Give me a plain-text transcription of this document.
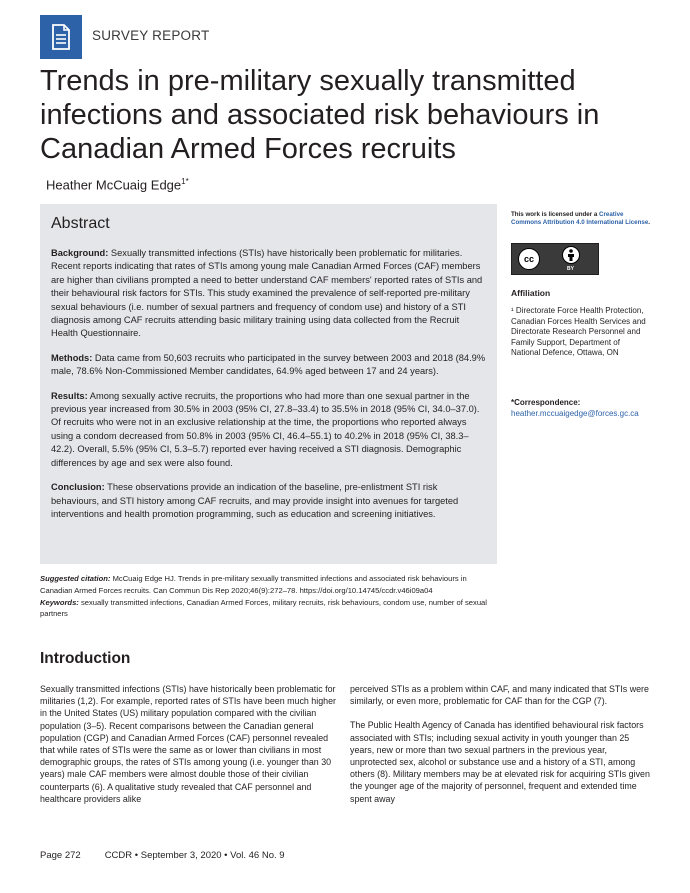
SURVEY REPORT
Trends in pre-military sexually transmitted infections and associated risk behaviours in Canadian Armed Forces recruits
Heather McCuaig Edge$^{1*}$
Abstract

Background: Sexually transmitted infections (STIs) have historically been problematic for militaries. Recent reports indicating that rates of STIs among young male Canadian Armed Forces (CAF) members are higher than civilians prompted a need to better understand CAF members' reported rates of STIs and their behavioural risk factors for STIs. This study examined the prevalence of self-reported pre-military sexual behaviours (i.e. number of sexual partners and frequency of condom use) and history of a STI diagnosis among CAF recruits attending basic military training using data collected from the Recruit Health Questionnaire.

Methods: Data came from 50,603 recruits who participated in the survey between 2003 and 2018 (84.9% male, 78.6% Non-Commissioned Member candidates, 64.9% aged between 17 and 24 years).

Results: Among sexually active recruits, the proportions who had more than one sexual partner in the previous year increased from 30.5% in 2003 (95% CI, 27.8–33.4) to 35.5% in 2018 (95% CI, 34.0–37.0). Of recruits who were not in an exclusive relationship at the time, the proportions who reported always using a condom decreased from 50.8% in 2003 (95% CI, 46.4–55.1) to 40.2% in 2018 (95% CI, 38.3–42.2). Overall, 5.5% (95% CI, 5.3–5.7) reported ever having received a STI diagnosis. Demographic differences by age and sex were also found.

Conclusion: These observations provide an indication of the baseline, pre-enlistment STI risk behaviours, and STI history among CAF recruits, and may provide insight into avenues for targeted interventions and health promotion programming, such as education and screening initiatives.

This work is licensed under a Creative Commons Attribution 4.0 International License.
cc
BY
Affiliation
¹ Directorate Force Health Protection, Canadian Forces Health Services and Directorate Research Personnel and Family Support, Department of National Defence, Ottawa, ON
*Correspondence: heather.mccuaigedge@forces.gc.ca
Suggested citation: McCuaig Edge HJ. Trends in pre-military sexually transmitted infections and associated risk behaviours in Canadian Armed Forces recruits. Can Commun Dis Rep 2020;46(9):272–78. https://doi.org/10.14745/ccdr.v46i09a04
Keywords: sexually transmitted infections, Canadian Armed Forces, military recruits, risk behaviours, condom use, number of sexual partners
Introduction

Sexually transmitted infections (STIs) have historically been problematic for militaries (1,2). For example, reported rates of STIs have been much higher in the United States (US) military population compared with the civilian population (3–5). Recent comparisons between the Canadian general population (CGP) and Canadian Armed Forces (CAF) personnel revealed that while rates of STIs were the same as or lower than civilians in most demographic groups, the rates of STIs among young (i.e. younger than 30 years) male CAF members were almost double those of their civilian counterparts (6). A qualitative study revealed that CAF personnel and healthcare providers alike

perceived STIs as a problem within CAF, and many indicated that STIs were similarly, or even more, problematic for CAF than for the CGP (7).

The Public Health Agency of Canada has identified behavioural risk factors associated with STIs; including sexual activity in youth younger than 25 years, new or more than two sexual partners in the previous year, unprotected sex, alcohol or substance use and a history of a STI, among others (8). Military members may be at elevated risk for acquiring STIs given the younger age of the majority of personnel, frequent and extended time spent away

Page 272	CCDR • September 3, 2020 • Vol. 46 No. 9
